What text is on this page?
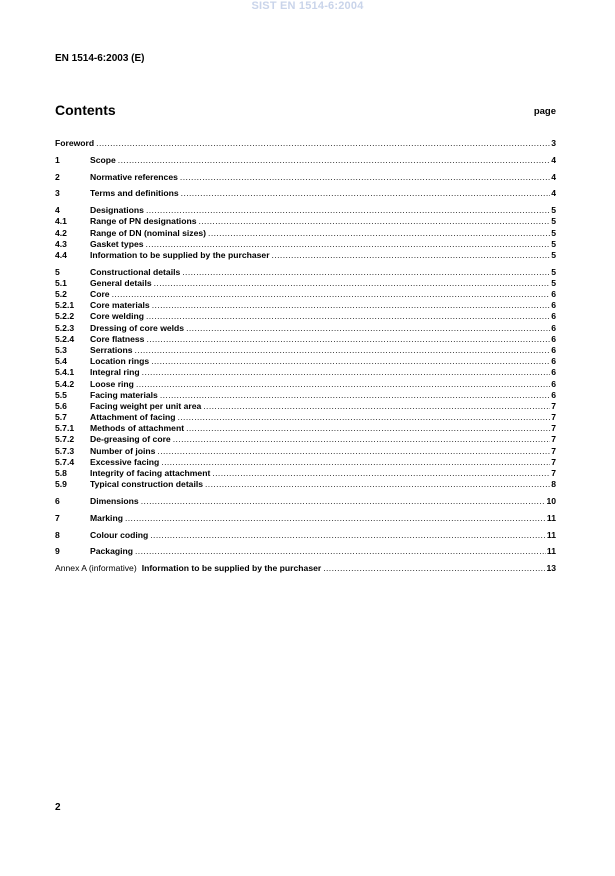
SIST EN 1514-6:2004
EN 1514-6:2003 (E)
Contents	page
Foreword .....	3
1	Scope .....	4
2	Normative references .....	4
3	Terms and definitions .....	4
4	Designations .....	5
4.1	Range of PN designations .....	5
4.2	Range of DN (nominal sizes) .....	5
4.3	Gasket types .....	5
4.4	Information to be supplied by the purchaser .....	5
5	Constructional details .....	5
5.1	General details .....	5
5.2	Core .....	6
5.2.1	Core materials .....	6
5.2.2	Core welding .....	6
5.2.3	Dressing of core welds .....	6
5.2.4	Core flatness .....	6
5.3	Serrations .....	6
5.4	Location rings .....	6
5.4.1	Integral ring .....	6
5.4.2	Loose ring .....	6
5.5	Facing materials .....	6
5.6	Facing weight per unit area .....	7
5.7	Attachment of facing .....	7
5.7.1	Methods of attachment .....	7
5.7.2	De-greasing of core .....	7
5.7.3	Number of joins .....	7
5.7.4	Excessive facing .....	7
5.8	Integrity of facing attachment .....	7
5.9	Typical construction details .....	8
6	Dimensions .....	10
7	Marking .....	11
8	Colour coding .....	11
9	Packaging .....	11
Annex A (informative) Information to be supplied by the purchaser .....	13
2
